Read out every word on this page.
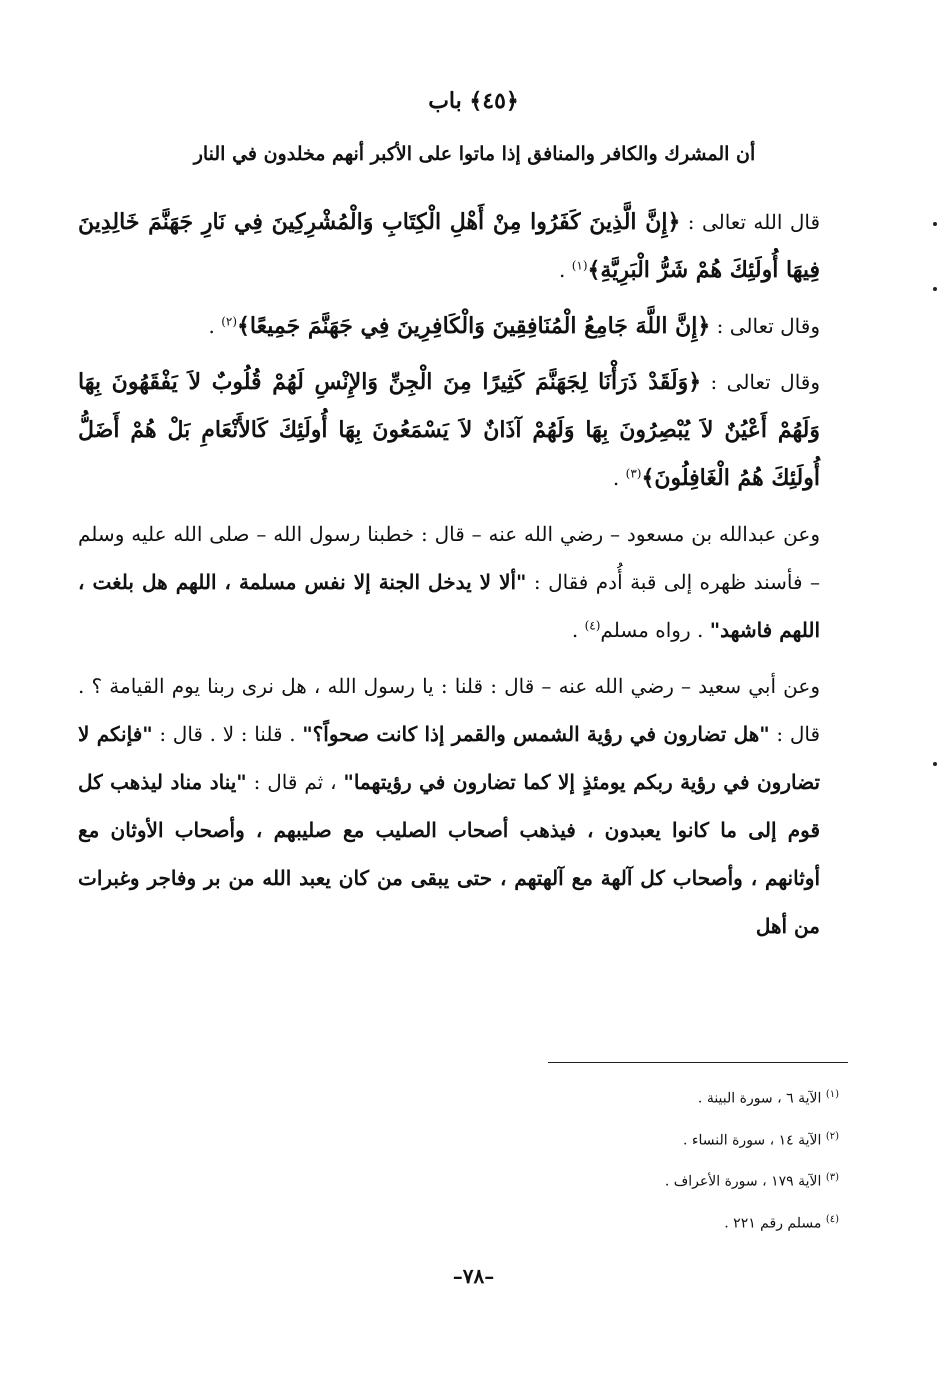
﴿٤٥﴾ باب
أن المشرك والكافر والمنافق إذا ماتوا على الأكبر أنهم مخلدون في النار

قال الله تعالى : ﴿إِنَّ الَّذِينَ كَفَرُوا مِنْ أَهْلِ الْكِتَابِ وَالْمُشْرِكِينَ فِي نَارِ جَهَنَّمَ خَالِدِينَ فِيهَا أُولَئِكَ هُمْ شَرُّ الْبَرِيَّةِ﴾$^{(١)}$ .

وقال تعالى : ﴿إِنَّ اللَّهَ جَامِعُ الْمُنَافِقِينَ وَالْكَافِرِينَ فِي جَهَنَّمَ جَمِيعًا﴾$^{(٢)}$ .

وقال تعالى : ﴿وَلَقَدْ ذَرَأْنَا لِجَهَنَّمَ كَثِيرًا مِنَ الْجِنِّ وَالإِنْسِ لَهُمْ قُلُوبٌ لاَ يَفْقَهُونَ بِهَا وَلَهُمْ أَعْيُنٌ لاَ يُبْصِرُونَ بِهَا وَلَهُمْ آذَانٌ لاَ يَسْمَعُونَ بِهَا أُولَئِكَ كَالأَنْعَامِ بَلْ هُمْ أَضَلُّ أُولَئِكَ هُمُ الْغَافِلُونَ﴾$^{(٣)}$ .

وعن عبدالله بن مسعود – رضي الله عنه – قال : خطبنا رسول الله – صلى الله عليه وسلم – فأسند ظهره إلى قبة أُدم فقال : "ألا لا يدخل الجنة إلا نفس مسلمة ، اللهم هل بلغت ، اللهم فاشهد" . رواه مسلم$^{(٤)}$ .

وعن أبي سعيد – رضي الله عنه – قال : قلنا : يا رسول الله ، هل نرى ربنا يوم القيامة ؟ . قال : "هل تضارون في رؤية الشمس والقمر إذا كانت صحواً؟" . قلنا : لا . قال : "فإنكم لا تضارون في رؤية ربكم يومئذٍ إلا كما تضارون في رؤيتهما" ، ثم قال : "يناد مناد ليذهب كل قوم إلى ما كانوا يعبدون ، فيذهب أصحاب الصليب مع صليبهم ، وأصحاب الأوثان مع أوثانهم ، وأصحاب كل آلهة مع آلهتهم ، حتى يبقى من كان يعبد الله من بر وفاجر وغبرات من أهل

$^{(١)}$ الآية ٦ ، سورة البينة .
$^{(٢)}$ الآية ١٤ ، سورة النساء .
$^{(٣)}$ الآية ١٧٩ ، سورة الأعراف .
$^{(٤)}$ مسلم رقم ٢٢١ .
–٧٨–
